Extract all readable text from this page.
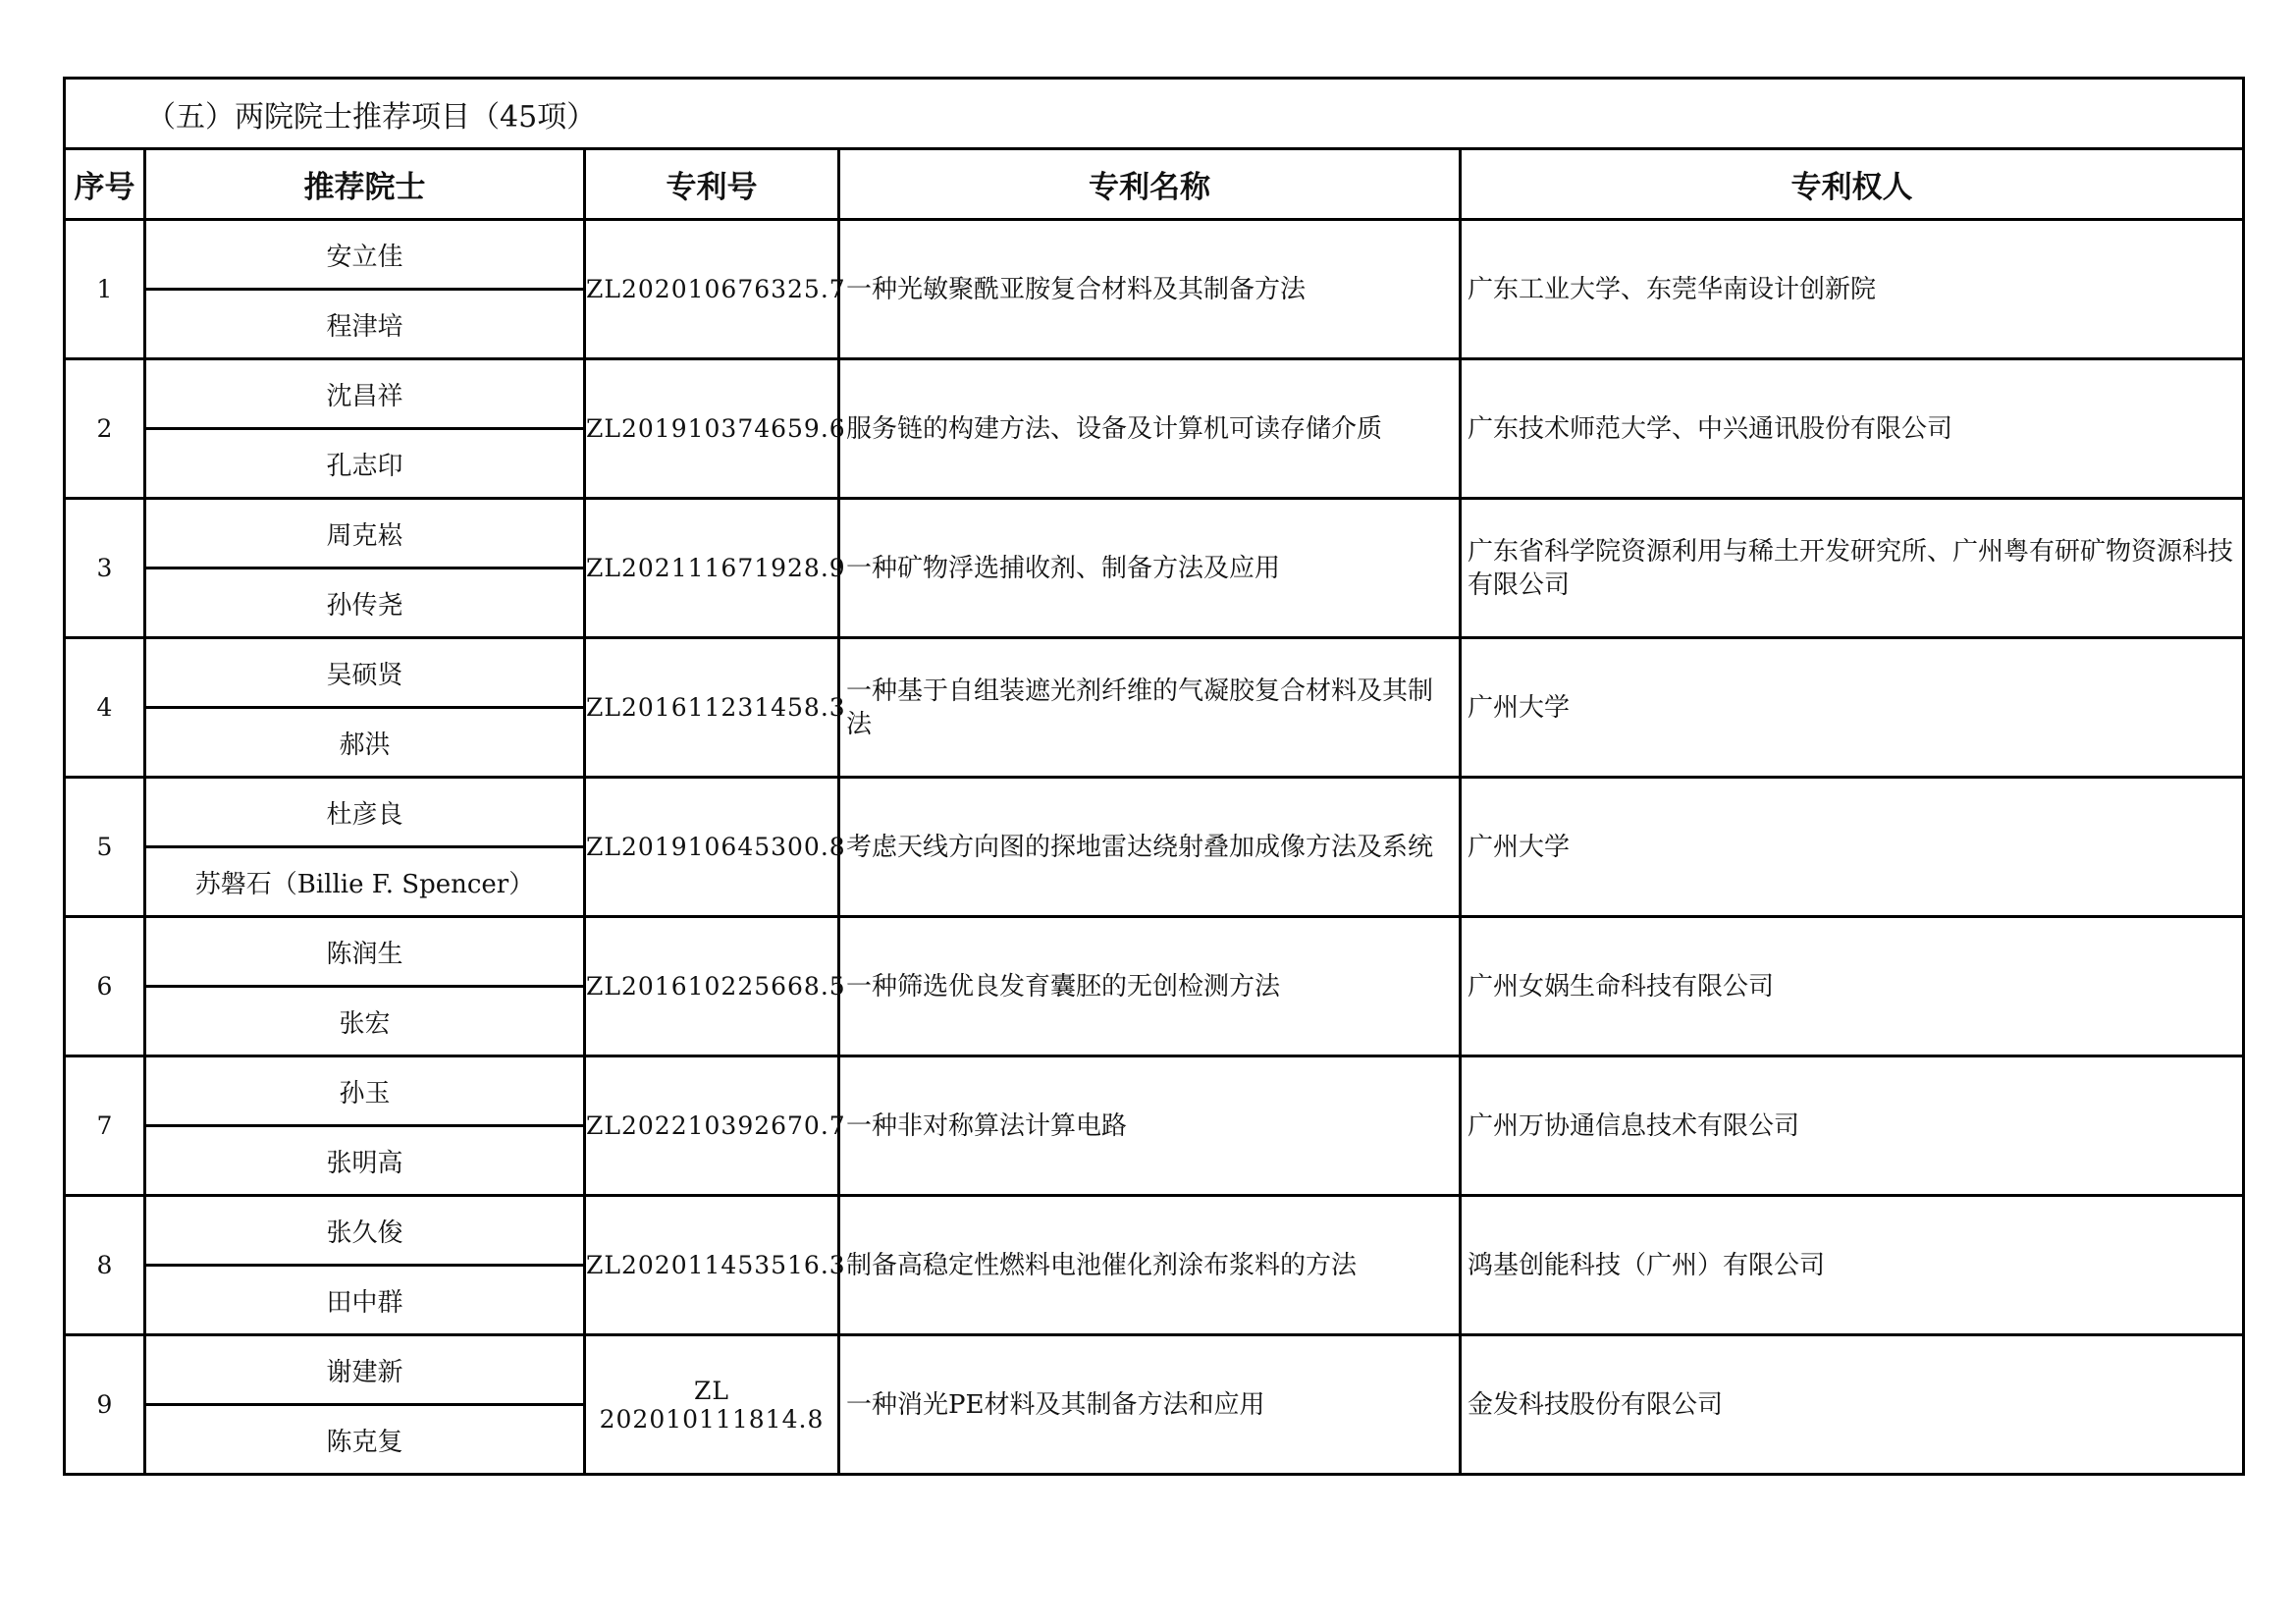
（五）两院院士推荐项目（45项）				
序号	推荐院士	专利号	专利名称	专利权人
1	安立佳	ZL202010676325.7	一种光敏聚酰亚胺复合材料及其制备方法	广东工业大学、东莞华南设计创新院
	程津培			
2	沈昌祥	ZL201910374659.6	服务链的构建方法、设备及计算机可读存储介质	广东技术师范大学、中兴通讯股份有限公司
	孔志印			
3	周克崧	ZL202111671928.9	一种矿物浮选捕收剂、制备方法及应用	广东省科学院资源利用与稀土开发研究所、广州粤有研矿物资源科技有限公司
	孙传尧			
4	吴硕贤	ZL201611231458.3	一种基于自组装遮光剂纤维的气凝胶复合材料及其制法	广州大学
	郝洪			
5	杜彦良	ZL201910645300.8	考虑天线方向图的探地雷达绕射叠加成像方法及系统	广州大学
	苏磐石（Billie F. Spencer）			
6	陈润生	ZL201610225668.5	一种筛选优良发育囊胚的无创检测方法	广州女娲生命科技有限公司
	张宏			
7	孙玉	ZL202210392670.7	一种非对称算法计算电路	广州万协通信息技术有限公司
	张明高			
8	张久俊	ZL202011453516.3	制备高稳定性燃料电池催化剂涂布浆料的方法	鸿基创能科技（广州）有限公司
	田中群			
9	谢建新	ZL 202010111814.8	一种消光PE材料及其制备方法和应用	金发科技股份有限公司
	陈克复			
